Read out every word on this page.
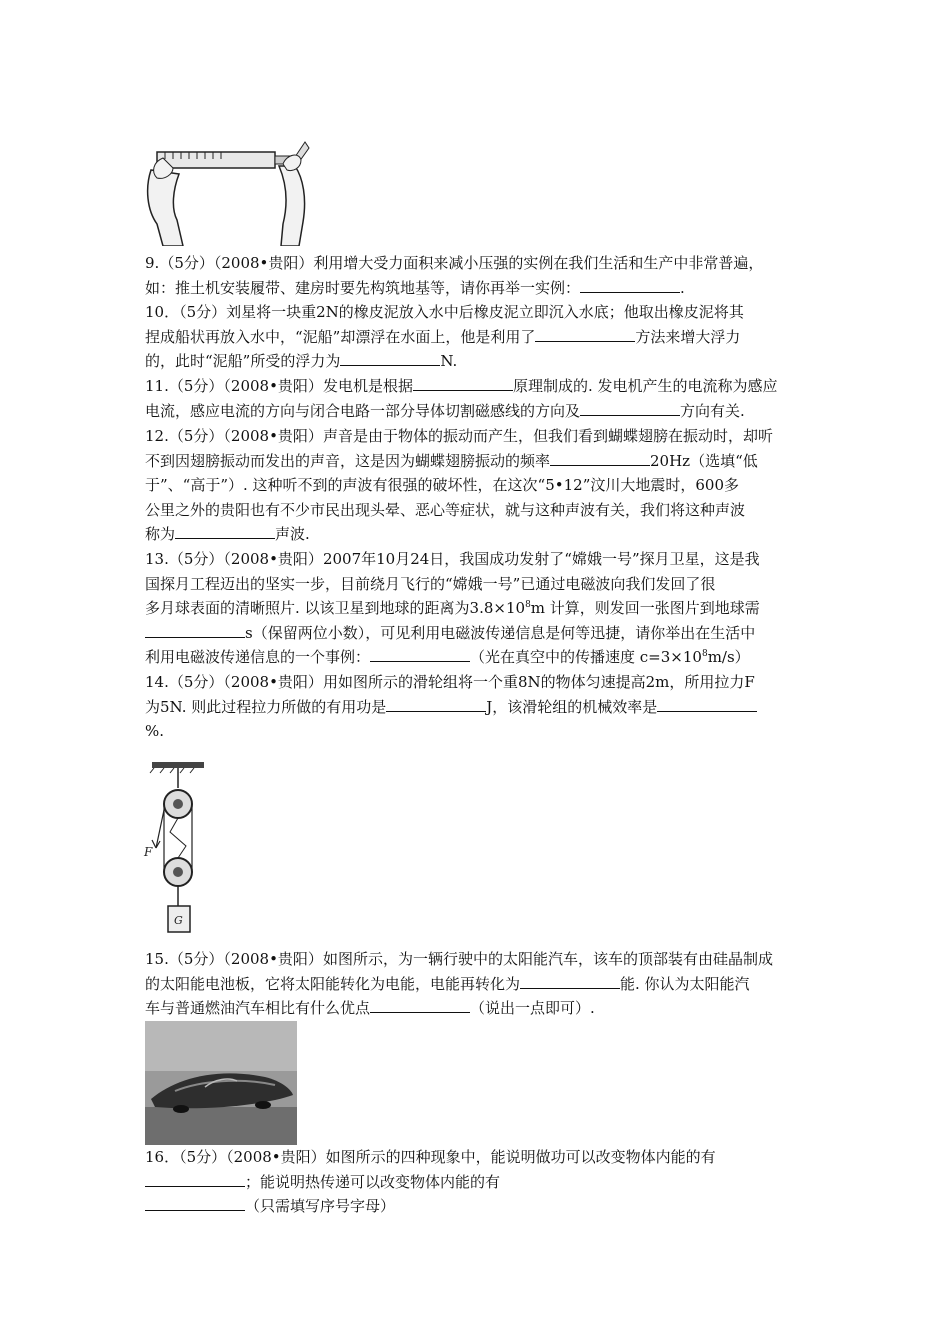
9.（5分）（2008•贵阳）利用增大受力面积来减小压强的实例在我们生活和生产中非常普遍，
如：推土机安装履带、建房时要先构筑地基等，请你再举一实例：	.
10．（5分）刘星将一块重2N的橡皮泥放入水中后橡皮泥立即沉入水底；他取出橡皮泥将其
捏成船状再放入水中，“泥船”却漂浮在水面上，他是利用了	方法来增大浮力
的，此时“泥船”所受的浮力为	N.
11.（5分）（2008•贵阳）发电机是根据	原理制成的. 发电机产生的电流称为感应
电流，感应电流的方向与闭合电路一部分导体切割磁感线的方向及	方向有关.
12.（5分）（2008•贵阳）声音是由于物体的振动而产生，但我们看到蝴蝶翅膀在振动时，却听
不到因翅膀振动而发出的声音，这是因为蝴蝶翅膀振动的频率	20Hz（选填“低
于”、“高于”）. 这种听不到的声波有很强的破坏性，在这次“5•12”汶川大地震时，600多
公里之外的贵阳也有不少市民出现头晕、恶心等症状，就与这种声波有关，我们将这种声波
称为	声波.
13.（5分）（2008•贵阳）2007年10月24日，我国成功发射了“嫦娥一号”探月卫星，这是我
国探月工程迈出的坚实一步，目前绕月飞行的“嫦娥一号”已通过电磁波向我们发回了很
多月球表面的清晰照片. 以该卫星到地球的距离为$3.8\times 10^8m$ 计算，则发回一张图片到地球需
s（保留两位小数），可见利用电磁波传递信息是何等迅捷，请你举出在生活中
利用电磁波传递信息的一个事例：	（光在真空中的传播速度 $c=3\times 10^8m/s$）
14.（5分）（2008•贵阳）用如图所示的滑轮组将一个重8N的物体匀速提高2m，所用拉力F
为5N. 则此过程拉力所做的有用功是	J，该滑轮组的机械效率是
%.
F
G
15.（5分）（2008•贵阳）如图所示，为一辆行驶中的太阳能汽车，该车的顶部装有由硅晶制成
的太阳能电池板，它将太阳能转化为电能，电能再转化为	能. 你认为太阳能汽
车与普通燃油汽车相比有什么优点	（说出一点即可）.
16．（5分）（2008•贵阳）如图所示的四种现象中，能说明做功可以改变物体内能的有
；能说明热传递可以改变物体内能的有
（只需填写序号字母）
